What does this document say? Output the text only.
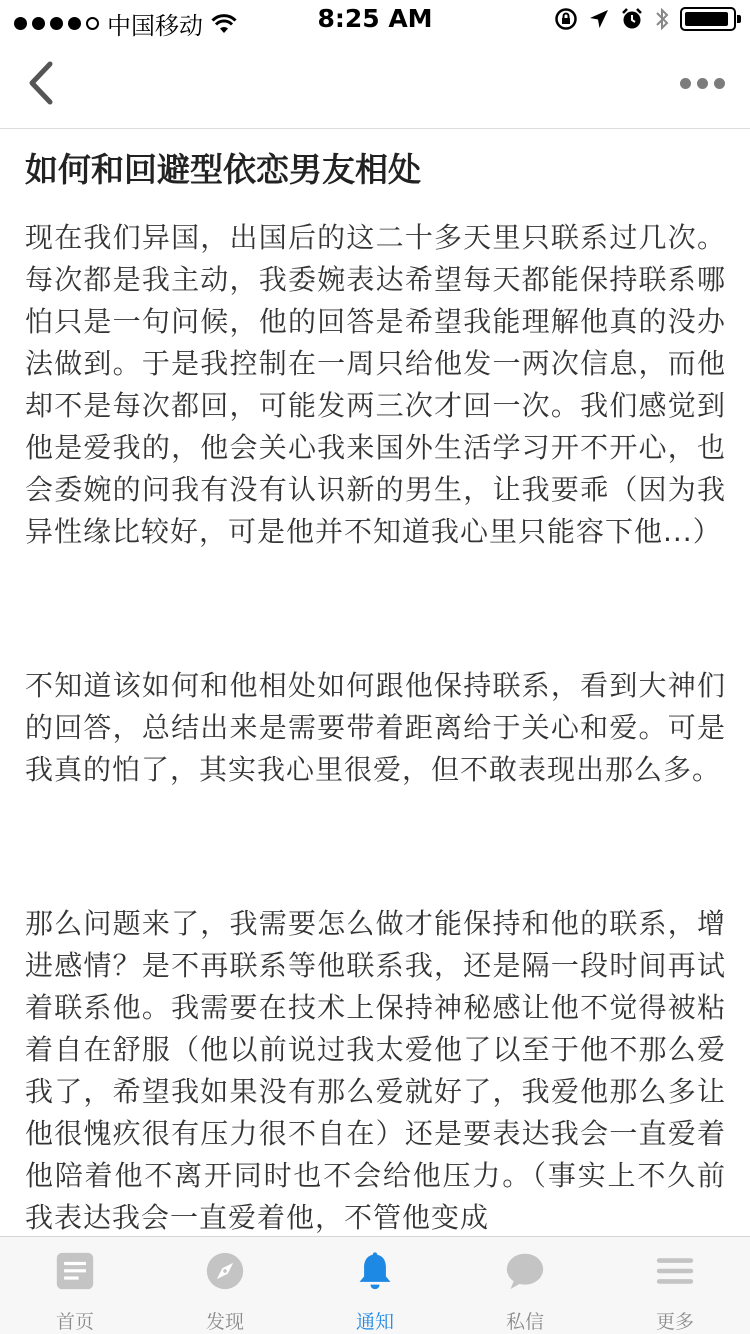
中国移动	8:25 AM
如何和回避型依恋男友相处

现在我们异国，出国后的这二十多天里只联系过几次。每次都是我主动，我委婉表达希望每天都能保持联系哪怕只是一句问候，他的回答是希望我能理解他真的没办法做到。于是我控制在一周只给他发一两次信息，而他却不是每次都回，可能发两三次才回一次。我们感觉到他是爱我的，他会关心我来国外生活学习开不开心，也会委婉的问我有没有认识新的男生，让我要乖（因为我异性缘比较好，可是他并不知道我心里只能容下他...）

不知道该如何和他相处如何跟他保持联系，看到大神们的回答，总结出来是需要带着距离给于关心和爱。可是我真的怕了，其实我心里很爱，但不敢表现出那么多。

那么问题来了，我需要怎么做才能保持和他的联系，增进感情？是不再联系等他联系我，还是隔一段时间再试着联系他。我需要在技术上保持神秘感让他不觉得被粘着自在舒服（他以前说过我太爱他了以至于他不那么爱我了，希望我如果没有那么爱就好了，我爱他那么多让他很愧疚很有压力很不自在）还是要表达我会一直爱着他陪着他不离开同时也不会给他压力。（事实上不久前我表达我会一直爱着他，不管他变成

首页	发现	通知	私信	更多
